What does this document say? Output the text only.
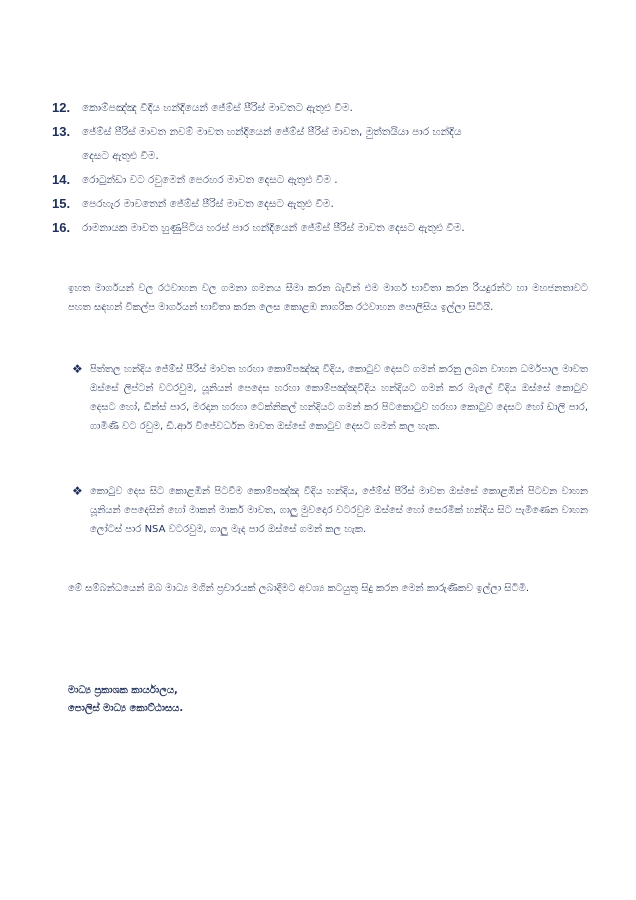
12.	කොම්පඤ්ඤ වීදිය හන්දියෙන් ජේම්ස් පීරිස් මාවතට ඇතුළු වීම.
13.	ජේම්ස් පීරිස් මාවත නවම් මාවත හන්දියෙන් ජේම්ස් පීරිස් මාවත, මුත්තයියා පාර හන්දිය
දෙසට ඇතුළු වීම.
14.	රොටුන්ඩා වට රවුමෙන් පෙරහර මාවත දෙසට ඇතුළු වීම .
15.	පෙරහැර මාවතෙන් ජේම්ස් පීරිස් මාවත දෙසට ඇතුළු වීම.
16.	රාමනායක මාවත හුණුපිටිය හරස් පාර හන්දියෙන් ජේම්ස් පීරිස් මාවත දෙසට ඇතුළු වීම.

ඉහත මාර්ගයන් වල රථවාහන වල ගමනා ගමනය සීමා කරන බැවින් එම මාර්ග භාවිතා කරන රියදුරන්ට හා මහජනතාවට පහත සඳහන් විකල්ප මාර්ගයන් භාවිතා කරන ලෙස කොළඹ නාගරික රථවාහන පොලිසිය ඉල්ලා සිටියි.

❖ පිත්තල හන්දිය ජේම්ස් පීරිස් මාවත හරහා කොම්පඤ්ඤ වීදිය, කොටුව දෙසට ගමන් කරනු ලබන වාහන ධර්මපාල මාවත ඔස්සේ ලිප්ටන් වටරවුම, යූනියන් පෙදෙස හරහා කොම්පඤ්ඤවීදිය හන්දියට ගමන් කර මැලේ වීදිය ඔස්සේ කොටුව දෙසට හෝ, ඩීන්ස් පාර, මරදාන හරහා ටෙක්නිකල් හන්දියට ගමන් කර පිටකොටුව හරහා කොටුව දෙසට හෝ ඩාලි පාර, ගාමිණි වට රවුම, ඩී.ආර් විජේවර්ධන මාවත ඔස්සේ කොටුව දෙසට ගමන් කල හැක.
❖ කොටුව දෙස සිට කොළඹින් පිටවීම කොම්පඤ්ඤ වීදිය හන්දිය, ජේම්ස් පීරිස් මාවත ඔස්සේ කොළඹින් පිටවන වාහන යූනියන් පෙදෙසින් හෝ මාකන් මාකර් මාවත, ගාලු මුවදොර වටරවුම ඔස්සේ හෝ සෙරමික් හන්දිය සිට පැමිණෙන වාහන ලෝටස් පාර NSA වටරවුම, ගාලු මැද පාර ඔස්සේ ගමන් කල හැක.

මේ සම්බන්ධයෙන් ඔබ මාධ්‍ය මගින් ප්‍රචාරයක් ලබාදීමට අවශ්‍ය කටයුතු සිදු කරන මෙන් කාරුණිකව ඉල්ලා සිටිමි.

මාධ්‍ය ප්‍රකාශක කාර්යාලය,
පොලිස් මාධ්‍ය කොට්ඨාසය.
